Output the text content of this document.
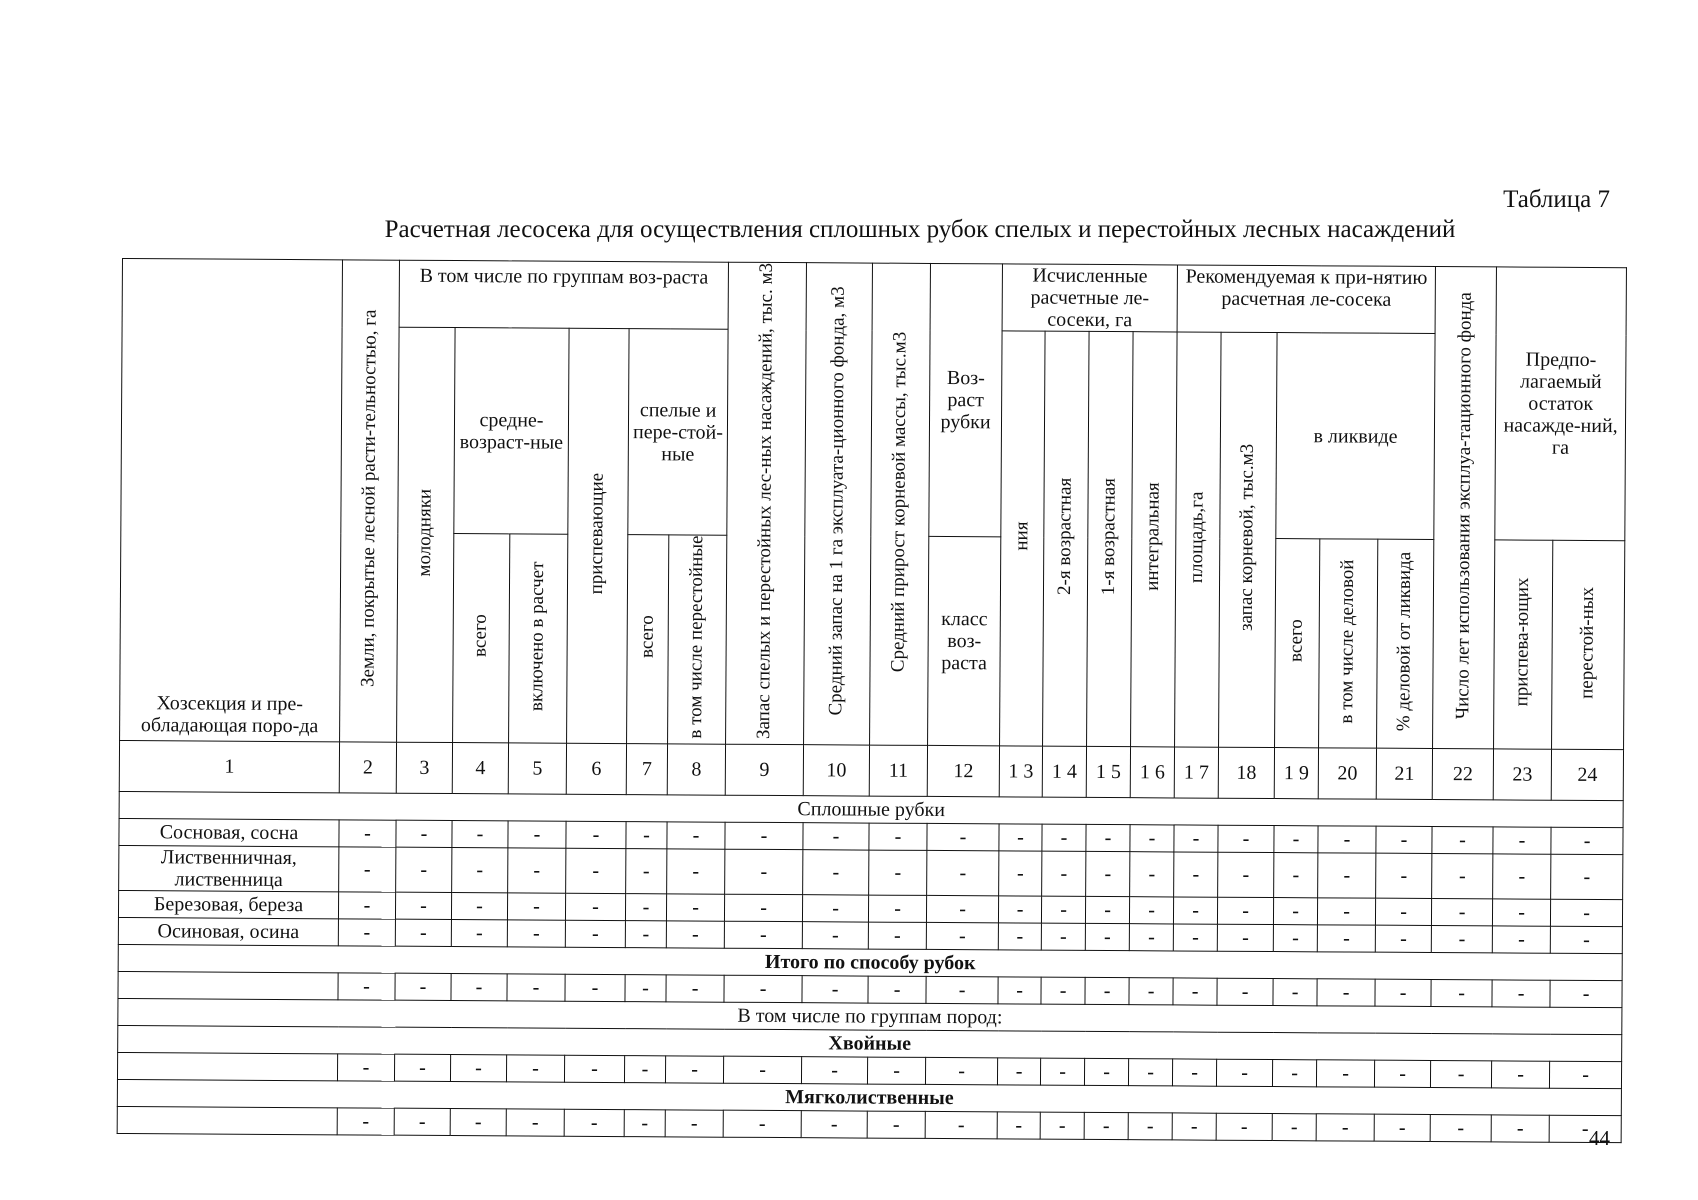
Таблица 7
Расчетная лесосека для осуществления сплошных рубок спелых и перестойных лесных насаждений
Хозсекция и пре-обладающая поро-да	Земли, покрытые лесной расти-тельностью, га	В том числе по группам воз-раста						Запас спелых и перестойных лес-ных насаждений, тыс. м3	Средний запас на 1 га эксплуата-ционного фонда, м3	Средний прирост корневой массы, тыс.м3	Воз-раст рубки	Исчисленные расчетные ле-сосеки, га				Рекомендуемая к при-нятию расчетная ле-сосека					Число лет использования эксплуа-тационного фонда	Предпо-лагаемый остаток насажде-ний, га	
		молодняки	средне-возраст-ные		приспевающие	спелые и пере-стой-ные						ния	2-я возрастная	1-я возрастная	интегральная	площадь,га	запас корневой, тыс.м3	в ликвиде					
			всего	включено в расчет		всего	в том числе перестойные				класс воз-раста							всего	в том числе деловой	% деловой от ликвида		приспева-ющих	перестой-ных
1	2	3	4	5	6	7	8	9	10	11	12	1 3	1 4	1 5	1 6	1 7	18	1 9	20	21	22	23	24
Сплошные рубки																							
Сосновая, сосна	-	-	-	-	-	-	-	-	-	-	-	-	-	-	-	-	-	-	-	-	-	-	-
Лиственничная, лиственница	-	-	-	-	-	-	-	-	-	-	-	-	-	-	-	-	-	-	-	-	-	-	-
Березовая, береза	-	-	-	-	-	-	-	-	-	-	-	-	-	-	-	-	-	-	-	-	-	-	-
Осиновая, осина	-	-	-	-	-	-	-	-	-	-	-	-	-	-	-	-	-	-	-	-	-	-	-
Итого по способу рубок																							
	-	-	-	-	-	-	-	-	-	-	-	-	-	-	-	-	-	-	-	-	-	-	-
В том числе по группам пород:																							
Хвойные																							
	-	-	-	-	-	-	-	-	-	-	-	-	-	-	-	-	-	-	-	-	-	-	-
Мягколиственные																							
	-	-	-	-	-	-	-	-	-	-	-	-	-	-	-	-	-	-	-	-	-	-	- 44
